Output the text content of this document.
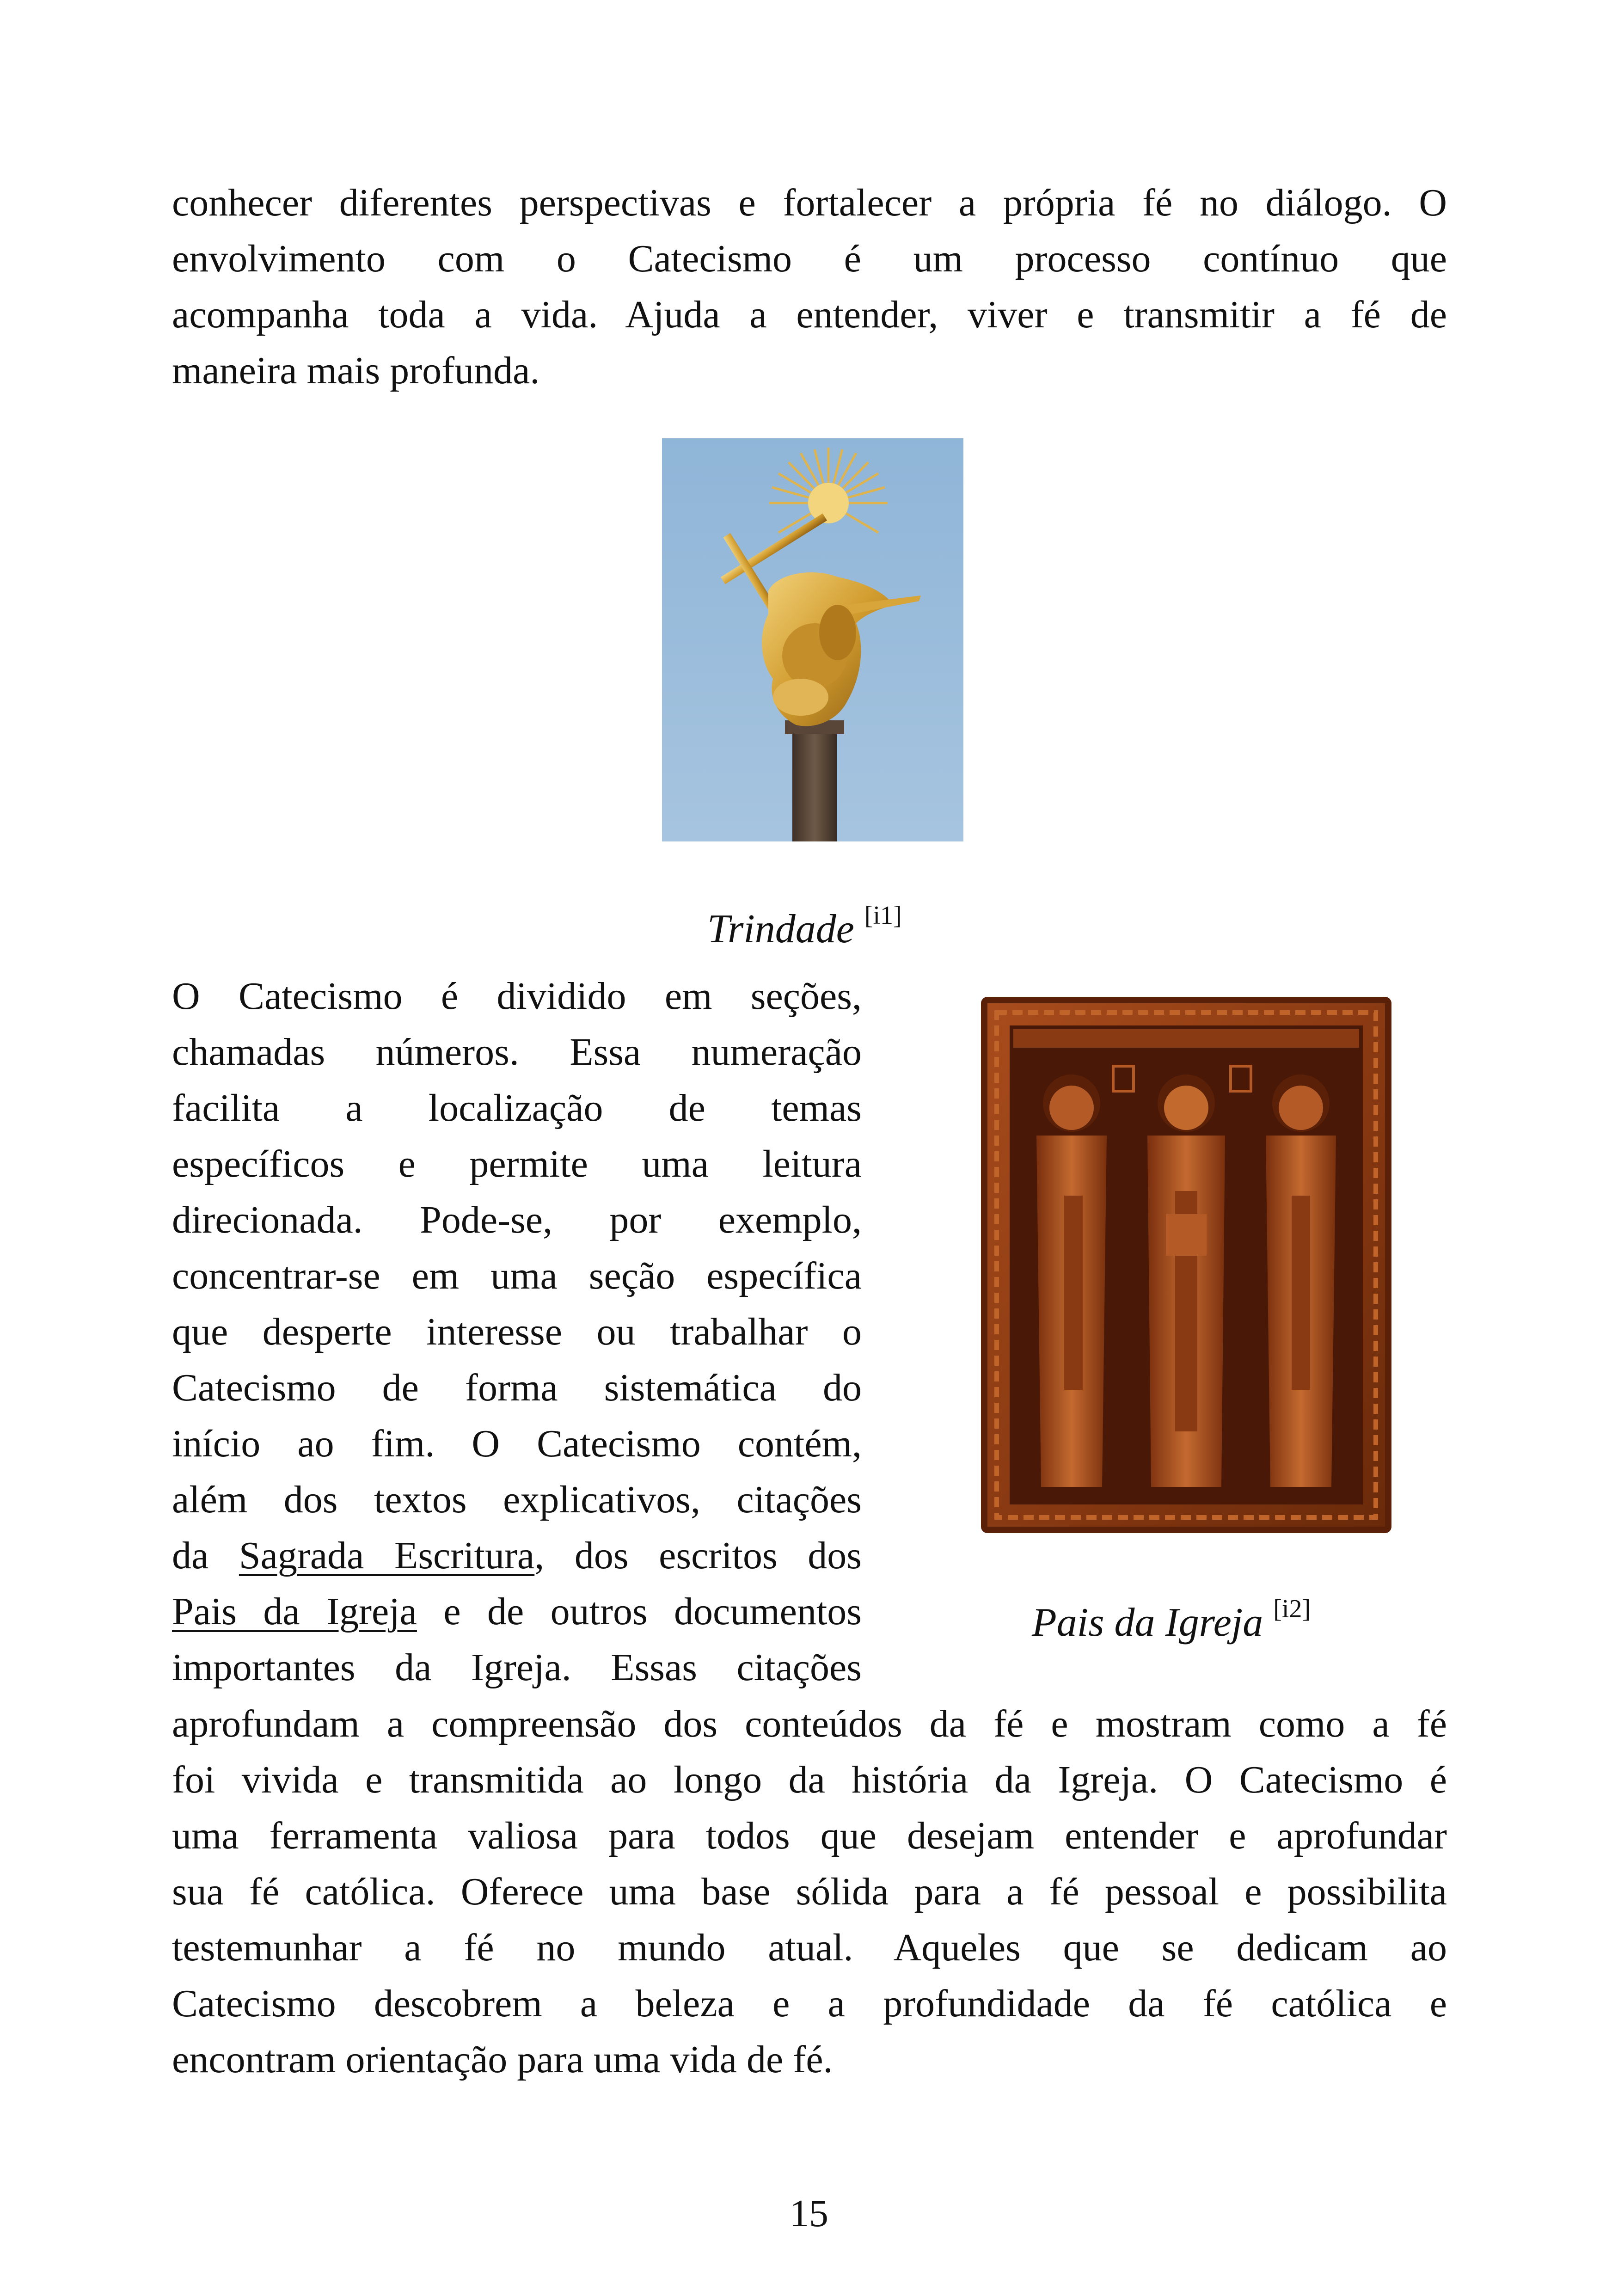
conhecer diferentes perspectivas e fortalecer a própria fé no diálogo. O
envolvimento com o Catecismo é um processo contínuo que
acompanha toda a vida. Ajuda a entender, viver e transmitir a fé de
maneira mais profunda.
Trindade [i1]
O Catecismo é dividido em seções,
chamadas números. Essa numeração
facilita a localização de temas
específicos e permite uma leitura
direcionada. Pode-se, por exemplo,
concentrar-se em uma seção específica
que desperte interesse ou trabalhar o
Catecismo de forma sistemática do
início ao fim. O Catecismo contém,
além dos textos explicativos, citações
da Sagrada Escritura, dos escritos dos
Pais da Igreja e de outros documentos
importantes da Igreja. Essas citações
Pais da Igreja [i2]
aprofundam a compreensão dos conteúdos da fé e mostram como a fé
foi vivida e transmitida ao longo da história da Igreja. O Catecismo é
uma ferramenta valiosa para todos que desejam entender e aprofundar
sua fé católica. Oferece uma base sólida para a fé pessoal e possibilita
testemunhar a fé no mundo atual. Aqueles que se dedicam ao
Catecismo descobrem a beleza e a profundidade da fé católica e
encontram orientação para uma vida de fé.
15
